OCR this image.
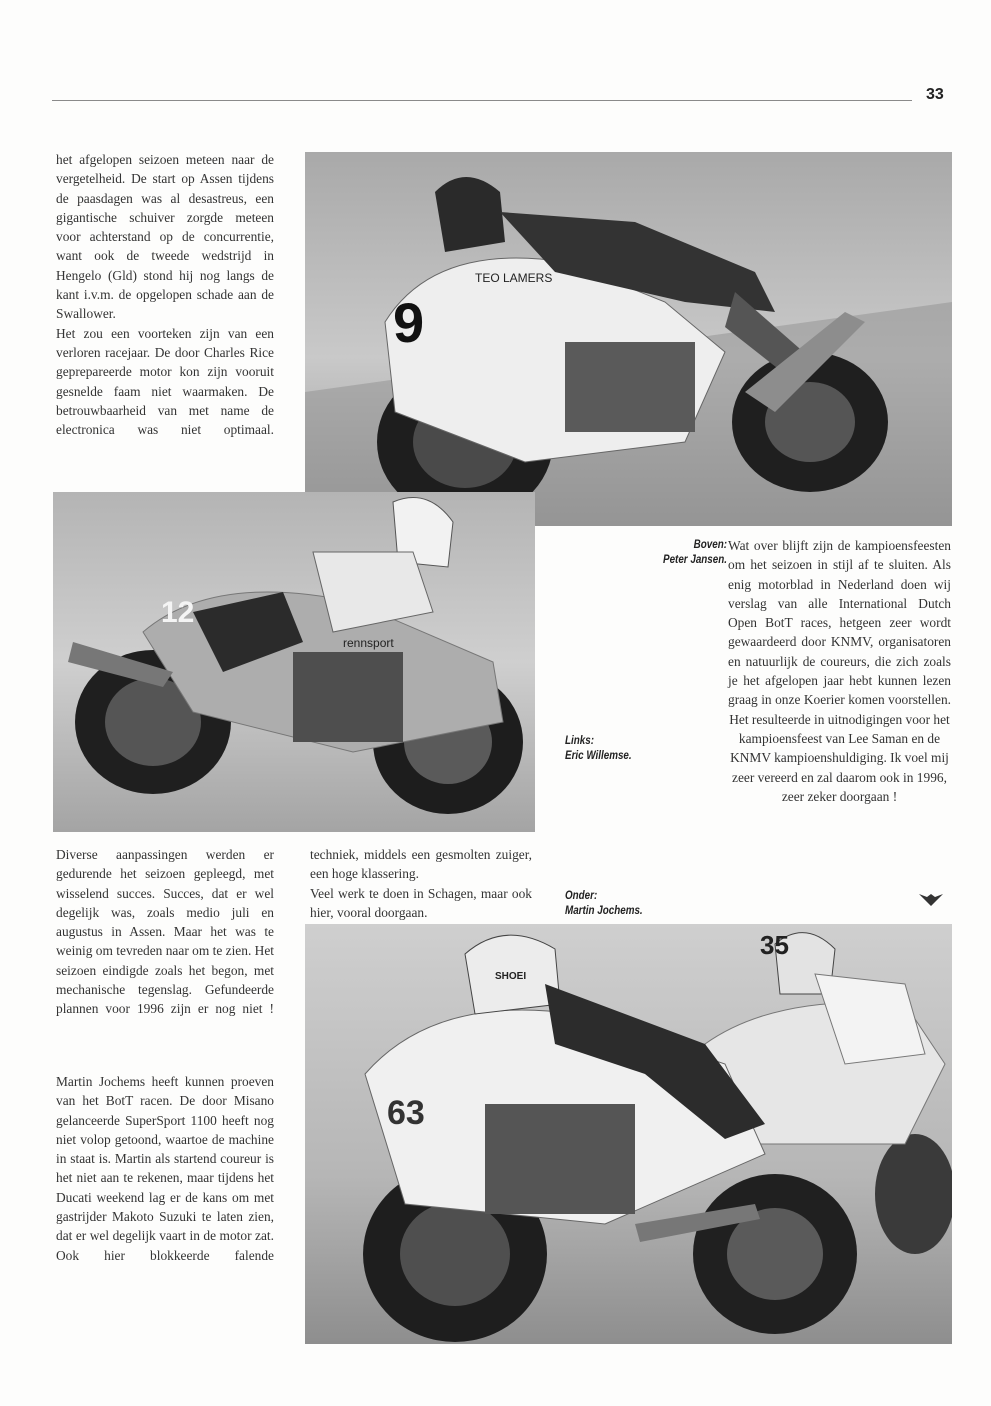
33

het afgelopen seizoen meteen naar de vergetelheid. De start op Assen tijdens de paasdagen was al desastreus, een gigantische schuiver zorgde meteen voor achterstand op de concurrentie, want ook de tweede wedstrijd in Hengelo (Gld) stond hij nog langs de kant i.v.m. de opgelopen schade aan de Swallower.

Het zou een voorteken zijn van een verloren racejaar. De door Charles Rice geprepareerde motor kon zijn vooruit gesnelde faam niet waarmaken. De betrouwbaarheid van met name de electronica was niet optimaal.

TEO LAMERS
9
12
rennsport
Boven:
Peter Jansen.
Links:
Eric Willemse.
Onder:
Martin Jochems.

Wat over blijft zijn de kampioensfeesten om het seizoen in stijl af te sluiten. Als enig motorblad in Nederland doen wij verslag van alle International Dutch Open BotT races, hetgeen zeer wordt gewaardeerd door KNMV, organisatoren en natuurlijk de coureurs, die zich zoals je het afgelopen jaar hebt kunnen lezen graag in onze Koerier komen voorstellen.

Het resulteerde in uitnodigingen voor het kampioensfeest van Lee Saman en de KNMV kampioenshuldiging. Ik voel mij zeer vereerd en zal daarom ook in 1996, zeer zeker doorgaan !

Diverse aanpassingen werden er gedurende het seizoen gepleegd, met wisselend succes. Succes, dat er wel degelijk was, zoals medio juli en augustus in Assen. Maar het was te weinig om tevreden naar om te zien. Het seizoen eindigde zoals het begon, met mechanische tegenslag. Gefundeerde plannen voor 1996 zijn er nog niet !

techniek, middels een gesmolten zuiger, een hoge klassering.

Veel werk te doen in Schagen, maar ook hier, vooral doorgaan.

Martin Jochems heeft kunnen proeven van het BotT racen. De door Misano gelanceerde SuperSport 1100 heeft nog niet volop getoond, waartoe de machine in staat is. Martin als startend coureur is het niet aan te rekenen, maar tijdens het Ducati weekend lag er de kans om met gastrijder Makoto Suzuki te laten zien, dat er wel degelijk vaart in de motor zat. Ook hier blokkeerde falende

63
35
SHOEI
